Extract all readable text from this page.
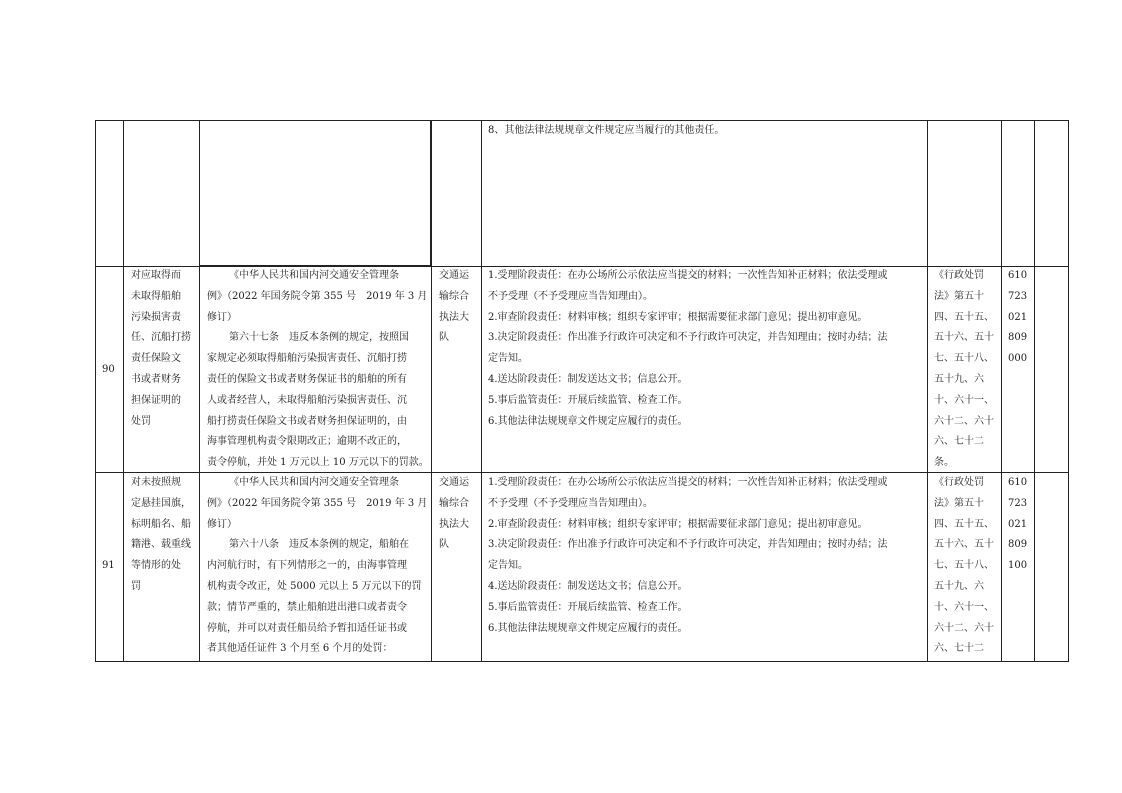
8、其他法律法规规章文件规定应当履行的其他责任。
90
对应取得而
未取得船舶
污染损害责
任、沉船打捞
责任保险文
书或者财务
担保证明的
处罚
《中华人民共和国内河交通安全管理条
例》（2022 年国务院令第 355 号　2019 年 3 月
修订）
第六十七条　违反本条例的规定，按照国
家规定必须取得船舶污染损害责任、沉船打捞
责任的保险文书或者财务保证书的船舶的所有
人或者经营人，未取得船舶污染损害责任、沉
船打捞责任保险文书或者财务担保证明的，由
海事管理机构责令限期改正；逾期不改正的，
责令停航，并处 1 万元以上 10 万元以下的罚款。
交通运
输综合
执法大
队
1.受理阶段责任：在办公场所公示依法应当提交的材料；一次性告知补正材料；依法受理或
不予受理（不予受理应当告知理由）。
2.审查阶段责任：材料审核；组织专家评审；根据需要征求部门意见；提出初审意见。
3.决定阶段责任：作出准予行政许可决定和不予行政许可决定，并告知理由；按时办结；法
定告知。
4.送达阶段责任：制发送达文书；信息公开。
5.事后监管责任：开展后续监管、检查工作。
6.其他法律法规规章文件规定应履行的责任。
《行政处罚
法》第五十
四、五十五、
五十六、五十
七、五十八、
五十九、六
十、六十一、
六十二、六十
六、七十二
条。
610
723
021
809
000
91
对未按照规
定悬挂国旗，
标明船名、船
籍港、载重线
等情形的处
罚
《中华人民共和国内河交通安全管理条
例》（2022 年国务院令第 355 号　2019 年 3 月
修订）
第六十八条　违反本条例的规定，船舶在
内河航行时，有下列情形之一的，由海事管理
机构责令改正，处 5000 元以上 5 万元以下的罚
款；情节严重的，禁止船舶进出港口或者责令
停航，并可以对责任船员给予暂扣适任证书或
者其他适任证件 3 个月至 6 个月的处罚：
交通运
输综合
执法大
队
1.受理阶段责任：在办公场所公示依法应当提交的材料；一次性告知补正材料；依法受理或
不予受理（不予受理应当告知理由）。
2.审查阶段责任：材料审核；组织专家评审；根据需要征求部门意见；提出初审意见。
3.决定阶段责任：作出准予行政许可决定和不予行政许可决定，并告知理由；按时办结；法
定告知。
4.送达阶段责任：制发送达文书；信息公开。
5.事后监管责任：开展后续监管、检查工作。
6.其他法律法规规章文件规定应履行的责任。
《行政处罚
法》第五十
四、五十五、
五十六、五十
七、五十八、
五十九、六
十、六十一、
六十二、六十
六、七十二
610
723
021
809
100
